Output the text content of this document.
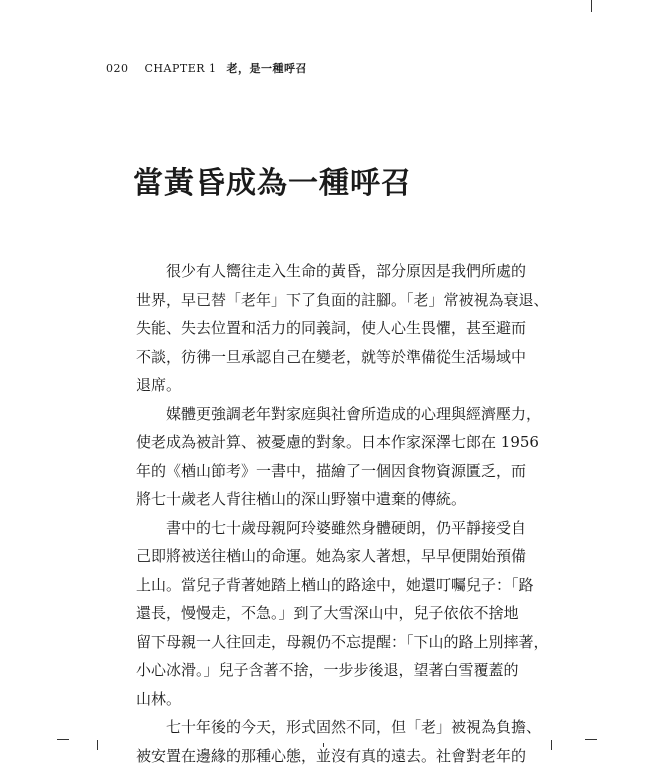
020 CHAPTER 1 老，是一種呼召
當黃昏成為一種呼召

很少有人嚮往走入生命的黃昏，部分原因是我們所處的
世界，早已替「老年」下了負面的註腳。「老」常被視為衰退、
失能、失去位置和活力的同義詞，使人心生畏懼，甚至避而
不談，彷彿一旦承認自己在變老，就等於準備從生活場域中
退席。

媒體更強調老年對家庭與社會所造成的心理與經濟壓力，
使老成為被計算、被憂慮的對象。日本作家深澤七郎在 1956
年的《楢山節考》一書中，描繪了一個因食物資源匱乏，而
將七十歲老人背往楢山的深山野嶺中遺棄的傳統。

書中的七十歲母親阿玲婆雖然身體硬朗，仍平靜接受自
己即將被送往楢山的命運。她為家人著想，早早便開始預備
上山。當兒子背著她踏上楢山的路途中，她還叮囑兒子：「路
還長，慢慢走，不急。」到了大雪深山中，兒子依依不捨地
留下母親一人往回走，母親仍不忘提醒：「下山的路上別摔著，
小心冰滑。」兒子含著不捨，一步步後退，望著白雪覆蓋的
山林。

七十年後的今天，形式固然不同，但「老」被視為負擔、
被安置在邊緣的那種心態，並沒有真的遠去。社會對老年的
